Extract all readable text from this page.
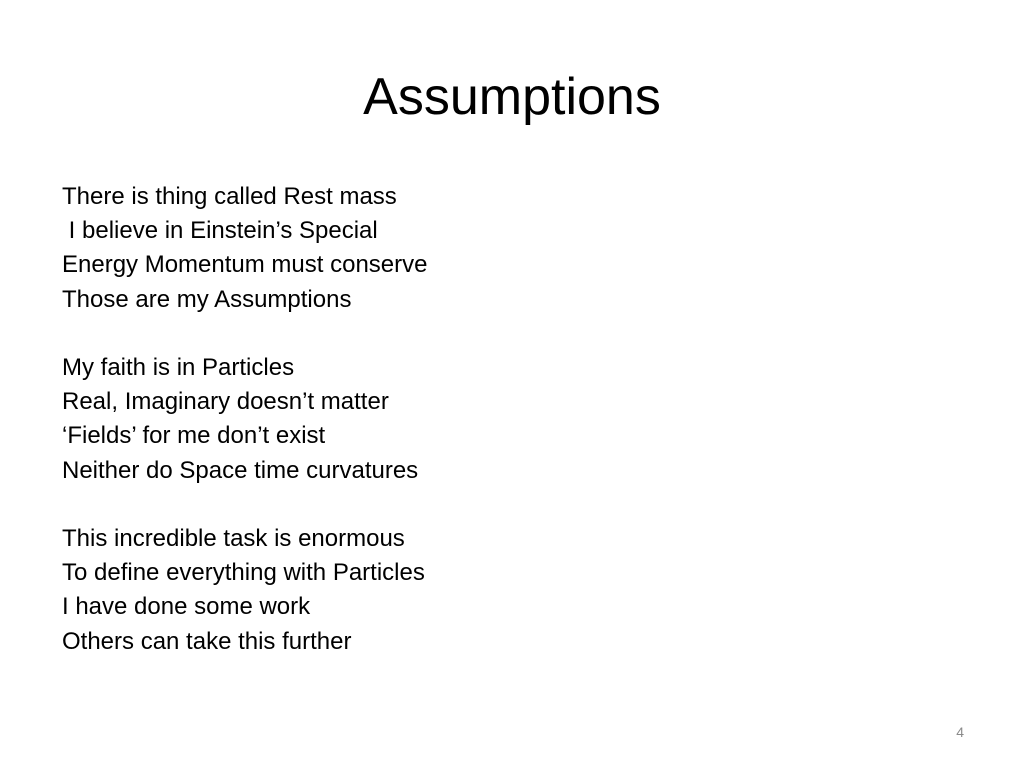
Assumptions
There is thing called Rest mass
I believe in Einstein’s Special
Energy Momentum must conserve
Those are my Assumptions
My faith is in Particles
Real, Imaginary doesn’t matter
‘Fields’ for me don’t exist
Neither do Space time curvatures
This incredible task is enormous
To define everything with Particles
I have done some work
Others can take this further
4
